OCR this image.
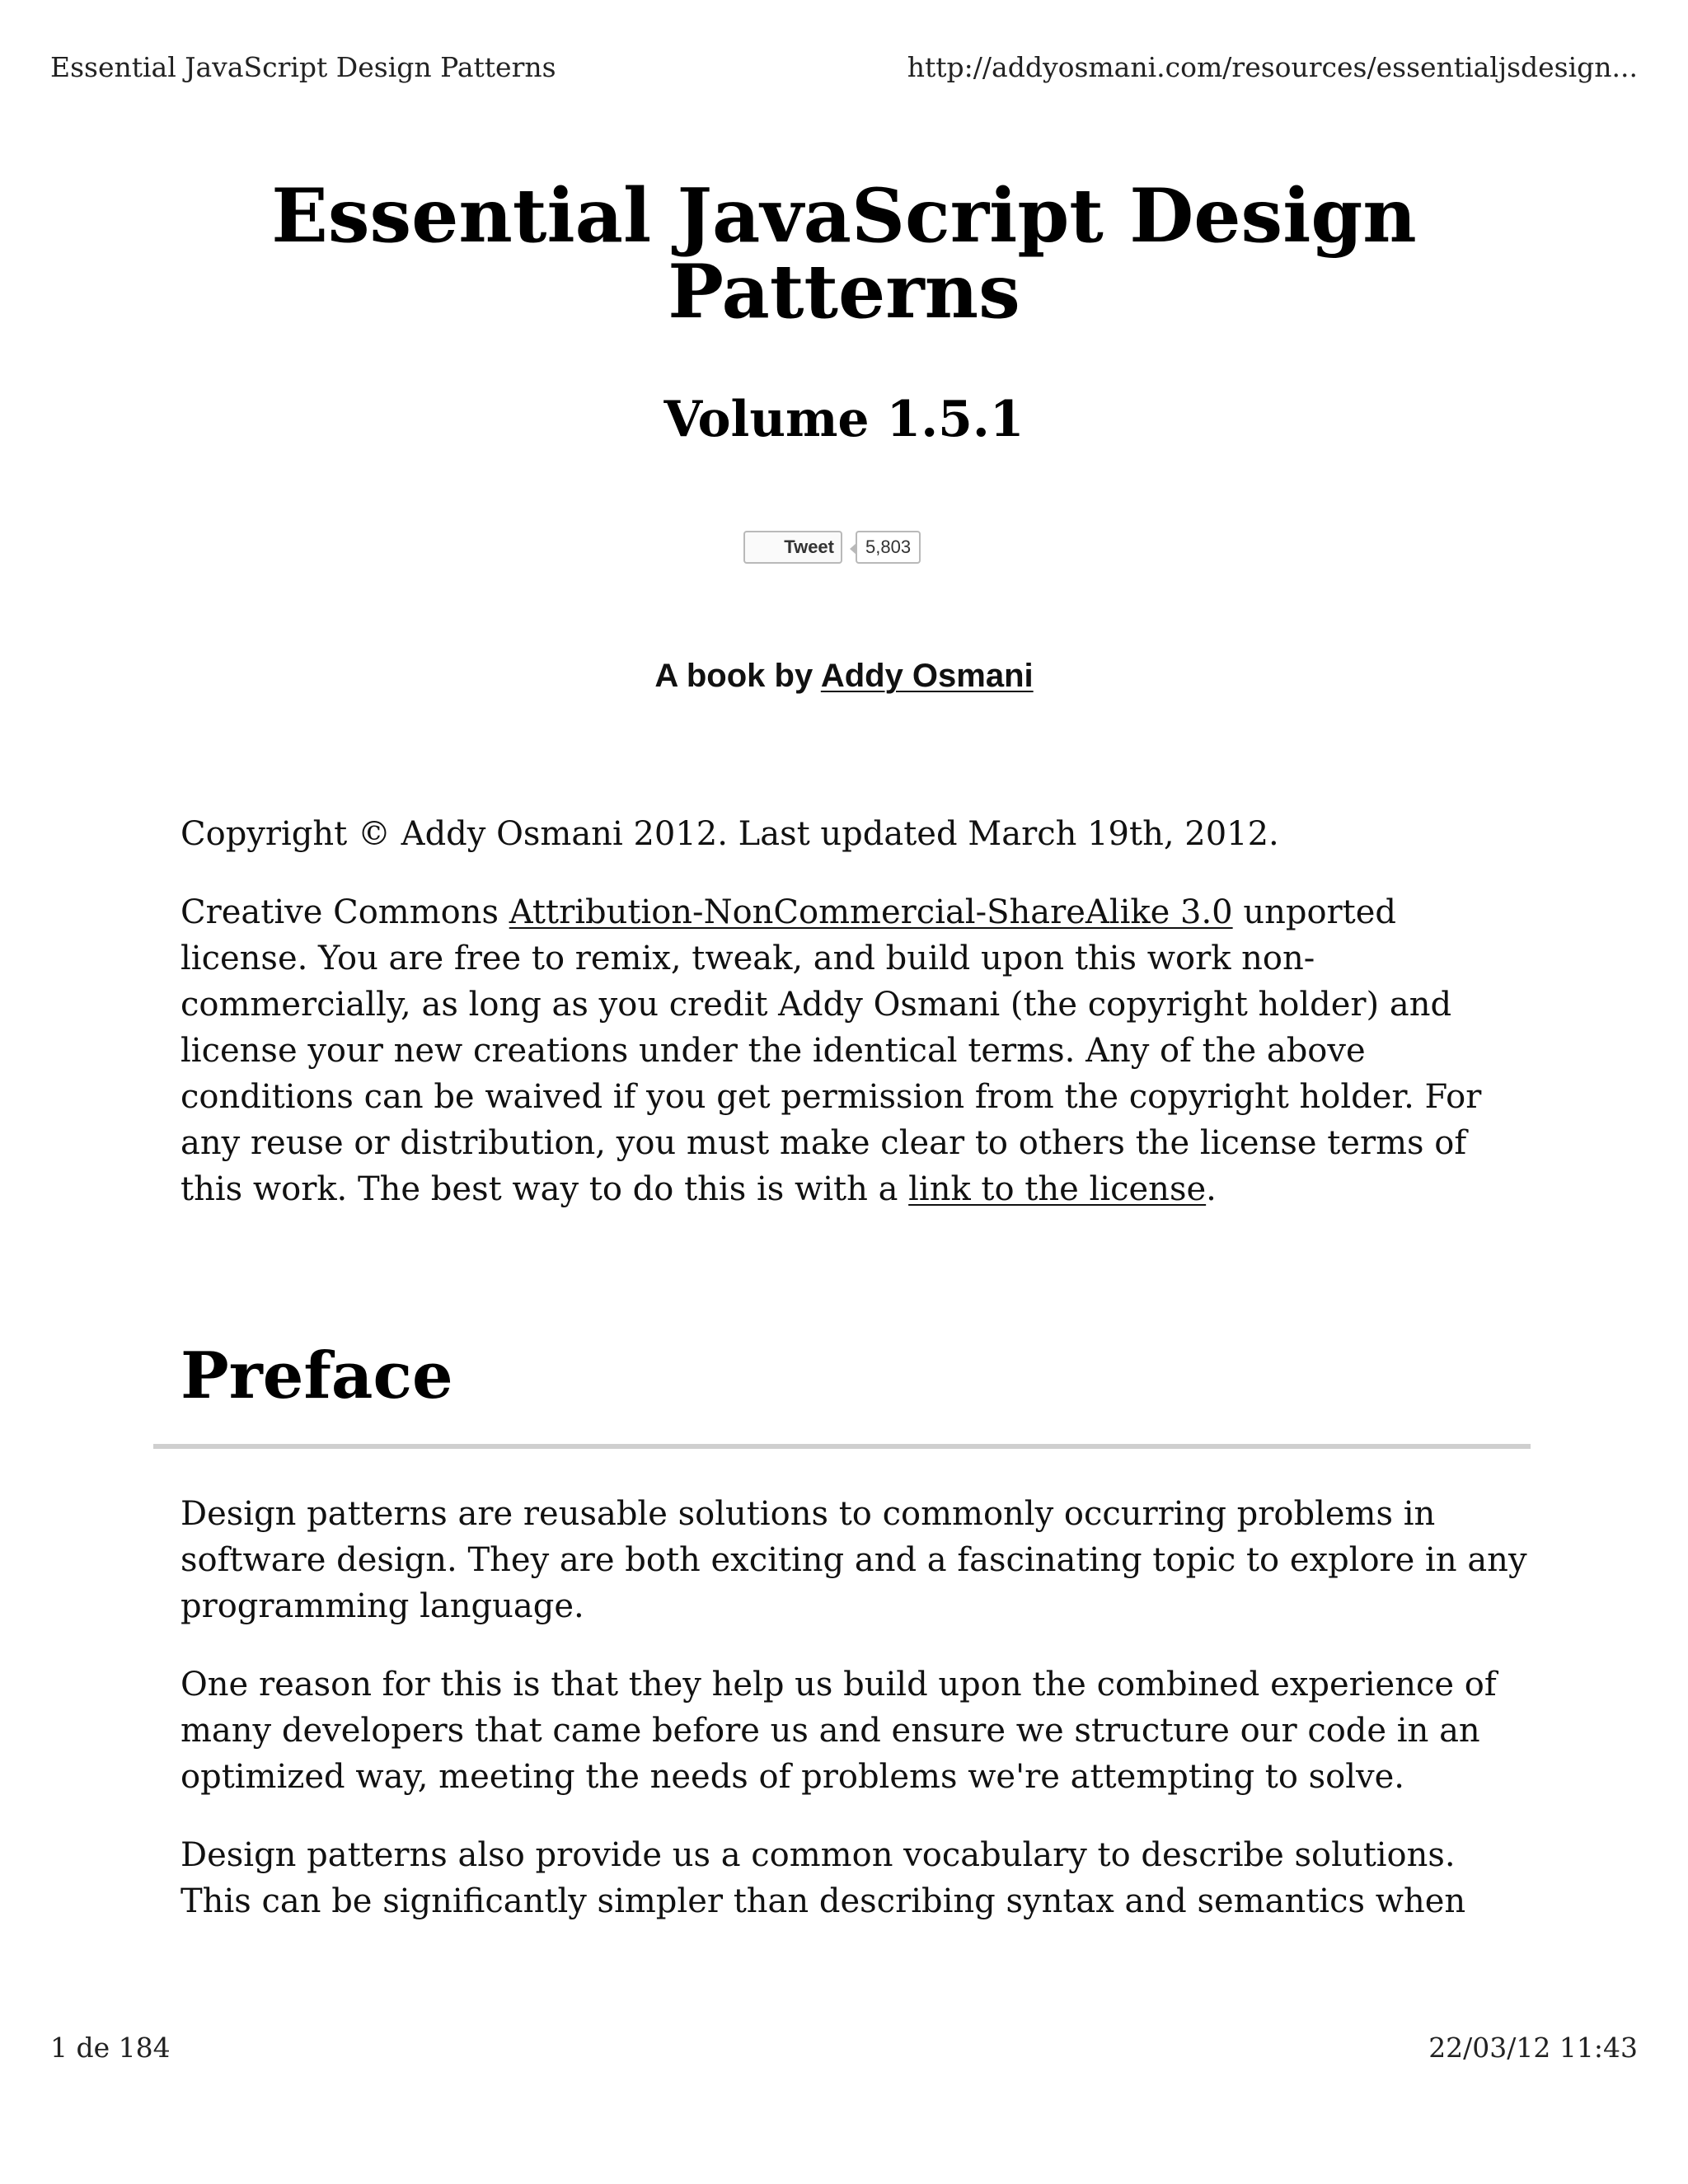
Essential JavaScript Design Patterns	http://addyosmani.com/resources/essentialjsdesign...
Essential JavaScript Design
Patterns
Volume 1.5.1
Tweet	5,803
A book by Addy Osmani

Copyright © Addy Osmani 2012. Last updated March 19th, 2012.

Creative Commons Attribution-NonCommercial-ShareAlike 3.0 unported license. You are free to remix, tweak, and build upon this work non-commercially, as long as you credit Addy Osmani (the copyright holder) and license your new creations under the identical terms. Any of the above conditions can be waived if you get permission from the copyright holder. For any reuse or distribution, you must make clear to others the license terms of this work. The best way to do this is with a link to the license.

Preface

Design patterns are reusable solutions to commonly occurring problems in software design. They are both exciting and a fascinating topic to explore in any programming language.

One reason for this is that they help us build upon the combined experience of many developers that came before us and ensure we structure our code in an optimized way, meeting the needs of problems we're attempting to solve.

Design patterns also provide us a common vocabulary to describe solutions. This can be significantly simpler than describing syntax and semantics when

1 de 184	22/03/12 11:43
